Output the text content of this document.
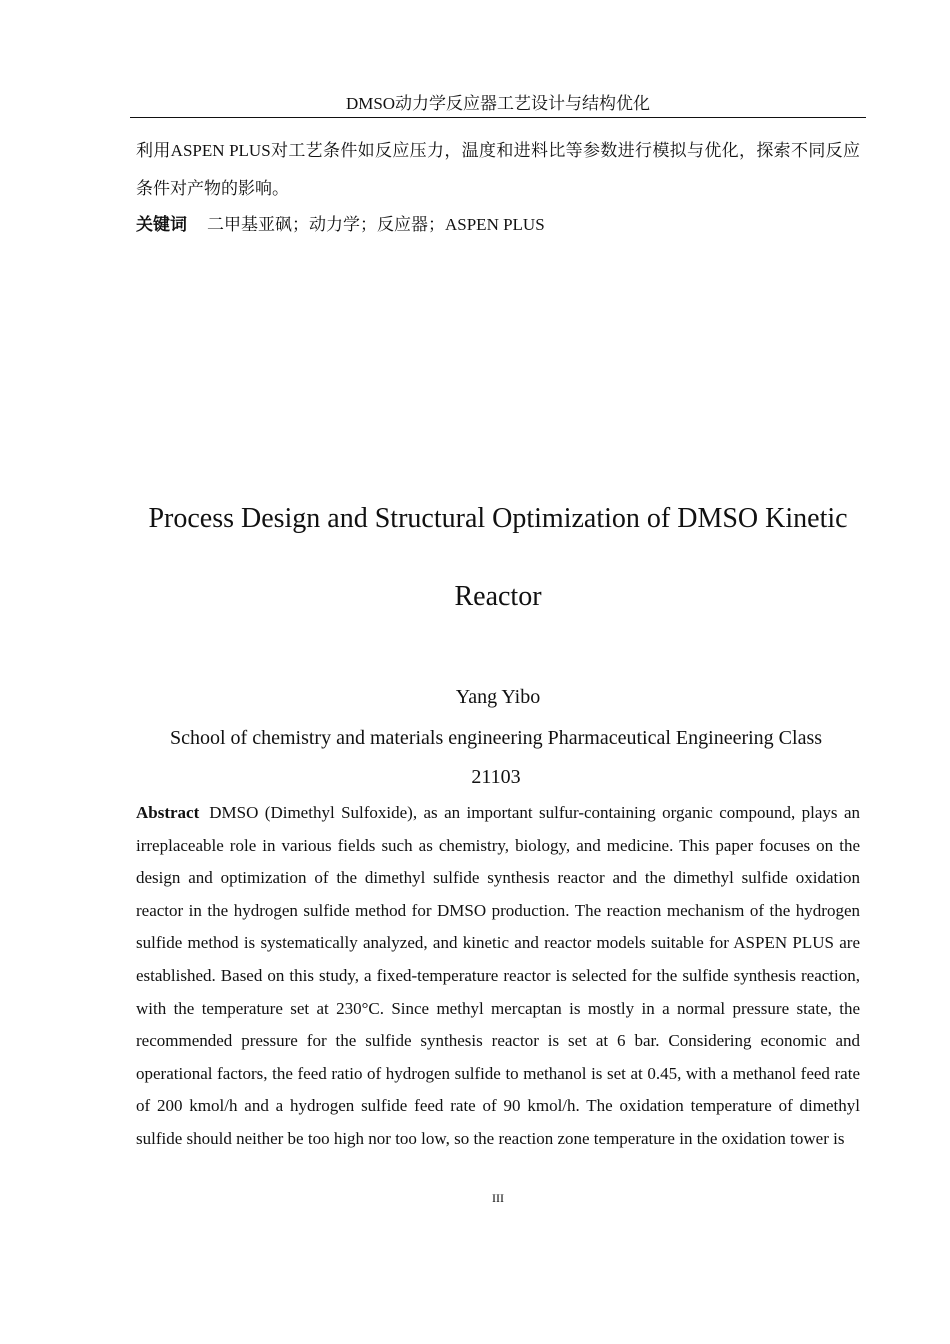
DMSO动力学反应器工艺设计与结构优化
利用ASPEN PLUS对工艺条件如反应压力，温度和进料比等参数进行模拟与优化，探索不同反应条件对产物的影响。
关键词 二甲基亚砜；动力学；反应器；ASPEN PLUS
Process Design and Structural Optimization of DMSO Kinetic Reactor
Yang Yibo
School of chemistry and materials engineering Pharmaceutical Engineering Class 21103
Abstract DMSO (Dimethyl Sulfoxide), as an important sulfur-containing organic compound, plays an irreplaceable role in various fields such as chemistry, biology, and medicine. This paper focuses on the design and optimization of the dimethyl sulfide synthesis reactor and the dimethyl sulfide oxidation reactor in the hydrogen sulfide method for DMSO production. The reaction mechanism of the hydrogen sulfide method is systematically analyzed, and kinetic and reactor models suitable for ASPEN PLUS are established. Based on this study, a fixed-temperature reactor is selected for the sulfide synthesis reaction, with the temperature set at 230°C. Since methyl mercaptan is mostly in a normal pressure state, the recommended pressure for the sulfide synthesis reactor is set at 6 bar. Considering economic and operational factors, the feed ratio of hydrogen sulfide to methanol is set at 0.45, with a methanol feed rate of 200 kmol/h and a hydrogen sulfide feed rate of 90 kmol/h. The oxidation temperature of dimethyl sulfide should neither be too high nor too low, so the reaction zone temperature in the oxidation tower is
III
